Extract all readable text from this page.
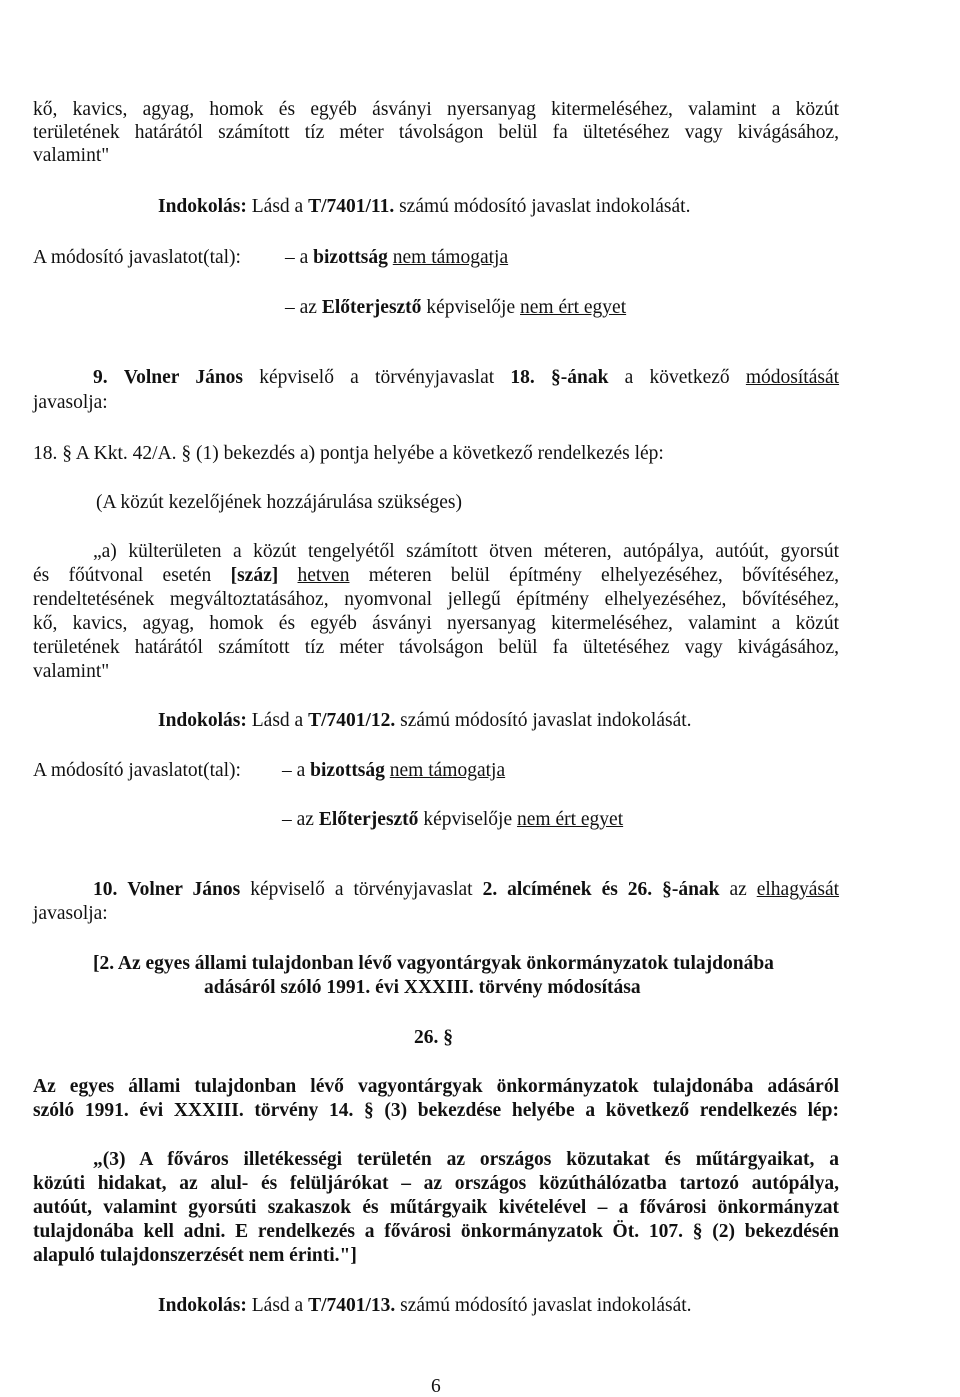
kő, kavics, agyag, homok és egyéb ásványi nyersanyag kitermeléséhez, valamint a közút
területének határától számított tíz méter távolságon belül fa ültetéséhez vagy kivágásához,
valamint"
Indokolás: Lásd a T/7401/11. számú módosító javaslat indokolását.
A módosító javaslatot(tal): – a bizottság nem támogatja
– az Előterjesztő képviselője nem ért egyet
9. Volner János képviselő a törvényjavaslat 18. §-ának a következő módosítását
javasolja:
18. § A Kkt. 42/A. § (1) bekezdés a) pontja helyébe a következő rendelkezés lép:
(A közút kezelőjének hozzájárulása szükséges)
„a) külterületen a közút tengelyétől számított ötven méteren, autópálya, autóút, gyorsút
és főútvonal esetén [száz] hetven méteren belül építmény elhelyezéséhez, bővítéséhez,
rendeltetésének megváltoztatásához, nyomvonal jellegű építmény elhelyezéséhez, bővítéséhez,
kő, kavics, agyag, homok és egyéb ásványi nyersanyag kitermeléséhez, valamint a közút
területének határától számított tíz méter távolságon belül fa ültetéséhez vagy kivágásához,
valamint"
Indokolás: Lásd a T/7401/12. számú módosító javaslat indokolását.
A módosító javaslatot(tal): – a bizottság nem támogatja
– az Előterjesztő képviselője nem ért egyet
10. Volner János képviselő a törvényjavaslat 2. alcímének és 26. §-ának az elhagyását
javasolja:
[2. Az egyes állami tulajdonban lévő vagyontárgyak önkormányzatok tulajdonába
adásáról szóló 1991. évi XXXIII. törvény módosítása
26. §
Az egyes állami tulajdonban lévő vagyontárgyak önkormányzatok tulajdonába adásáról
szóló 1991. évi XXXIII. törvény 14. § (3) bekezdése helyébe a következő rendelkezés lép:
„(3) A főváros illetékességi területén az országos közutakat és műtárgyaikat, a
közúti hidakat, az alul- és felüljárókat – az országos közúthálózatba tartozó autópálya,
autóút, valamint gyorsúti szakaszok és műtárgyaik kivételével – a fővárosi önkormányzat
tulajdonába kell adni. E rendelkezés a fővárosi önkormányzatok Öt. 107. § (2) bekezdésén
alapuló tulajdonszerzését nem érinti."]
Indokolás: Lásd a T/7401/13. számú módosító javaslat indokolását.
6
